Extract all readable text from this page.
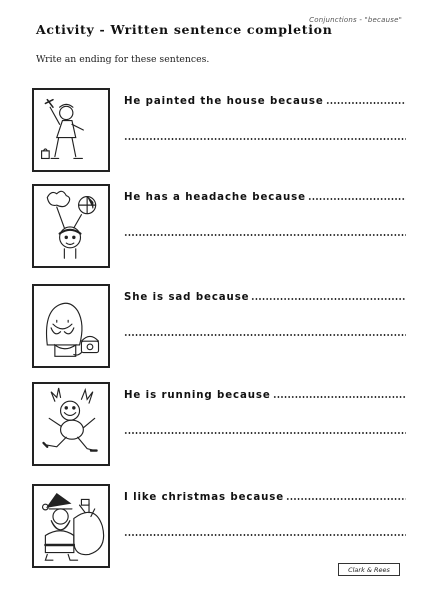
Conjunctions - "because"
Activity - Written sentence completion
Write an ending for these sentences.
He painted the house because
He has a headache because
She is sad because
He is running because
I like christmas because
Clark & Rees
